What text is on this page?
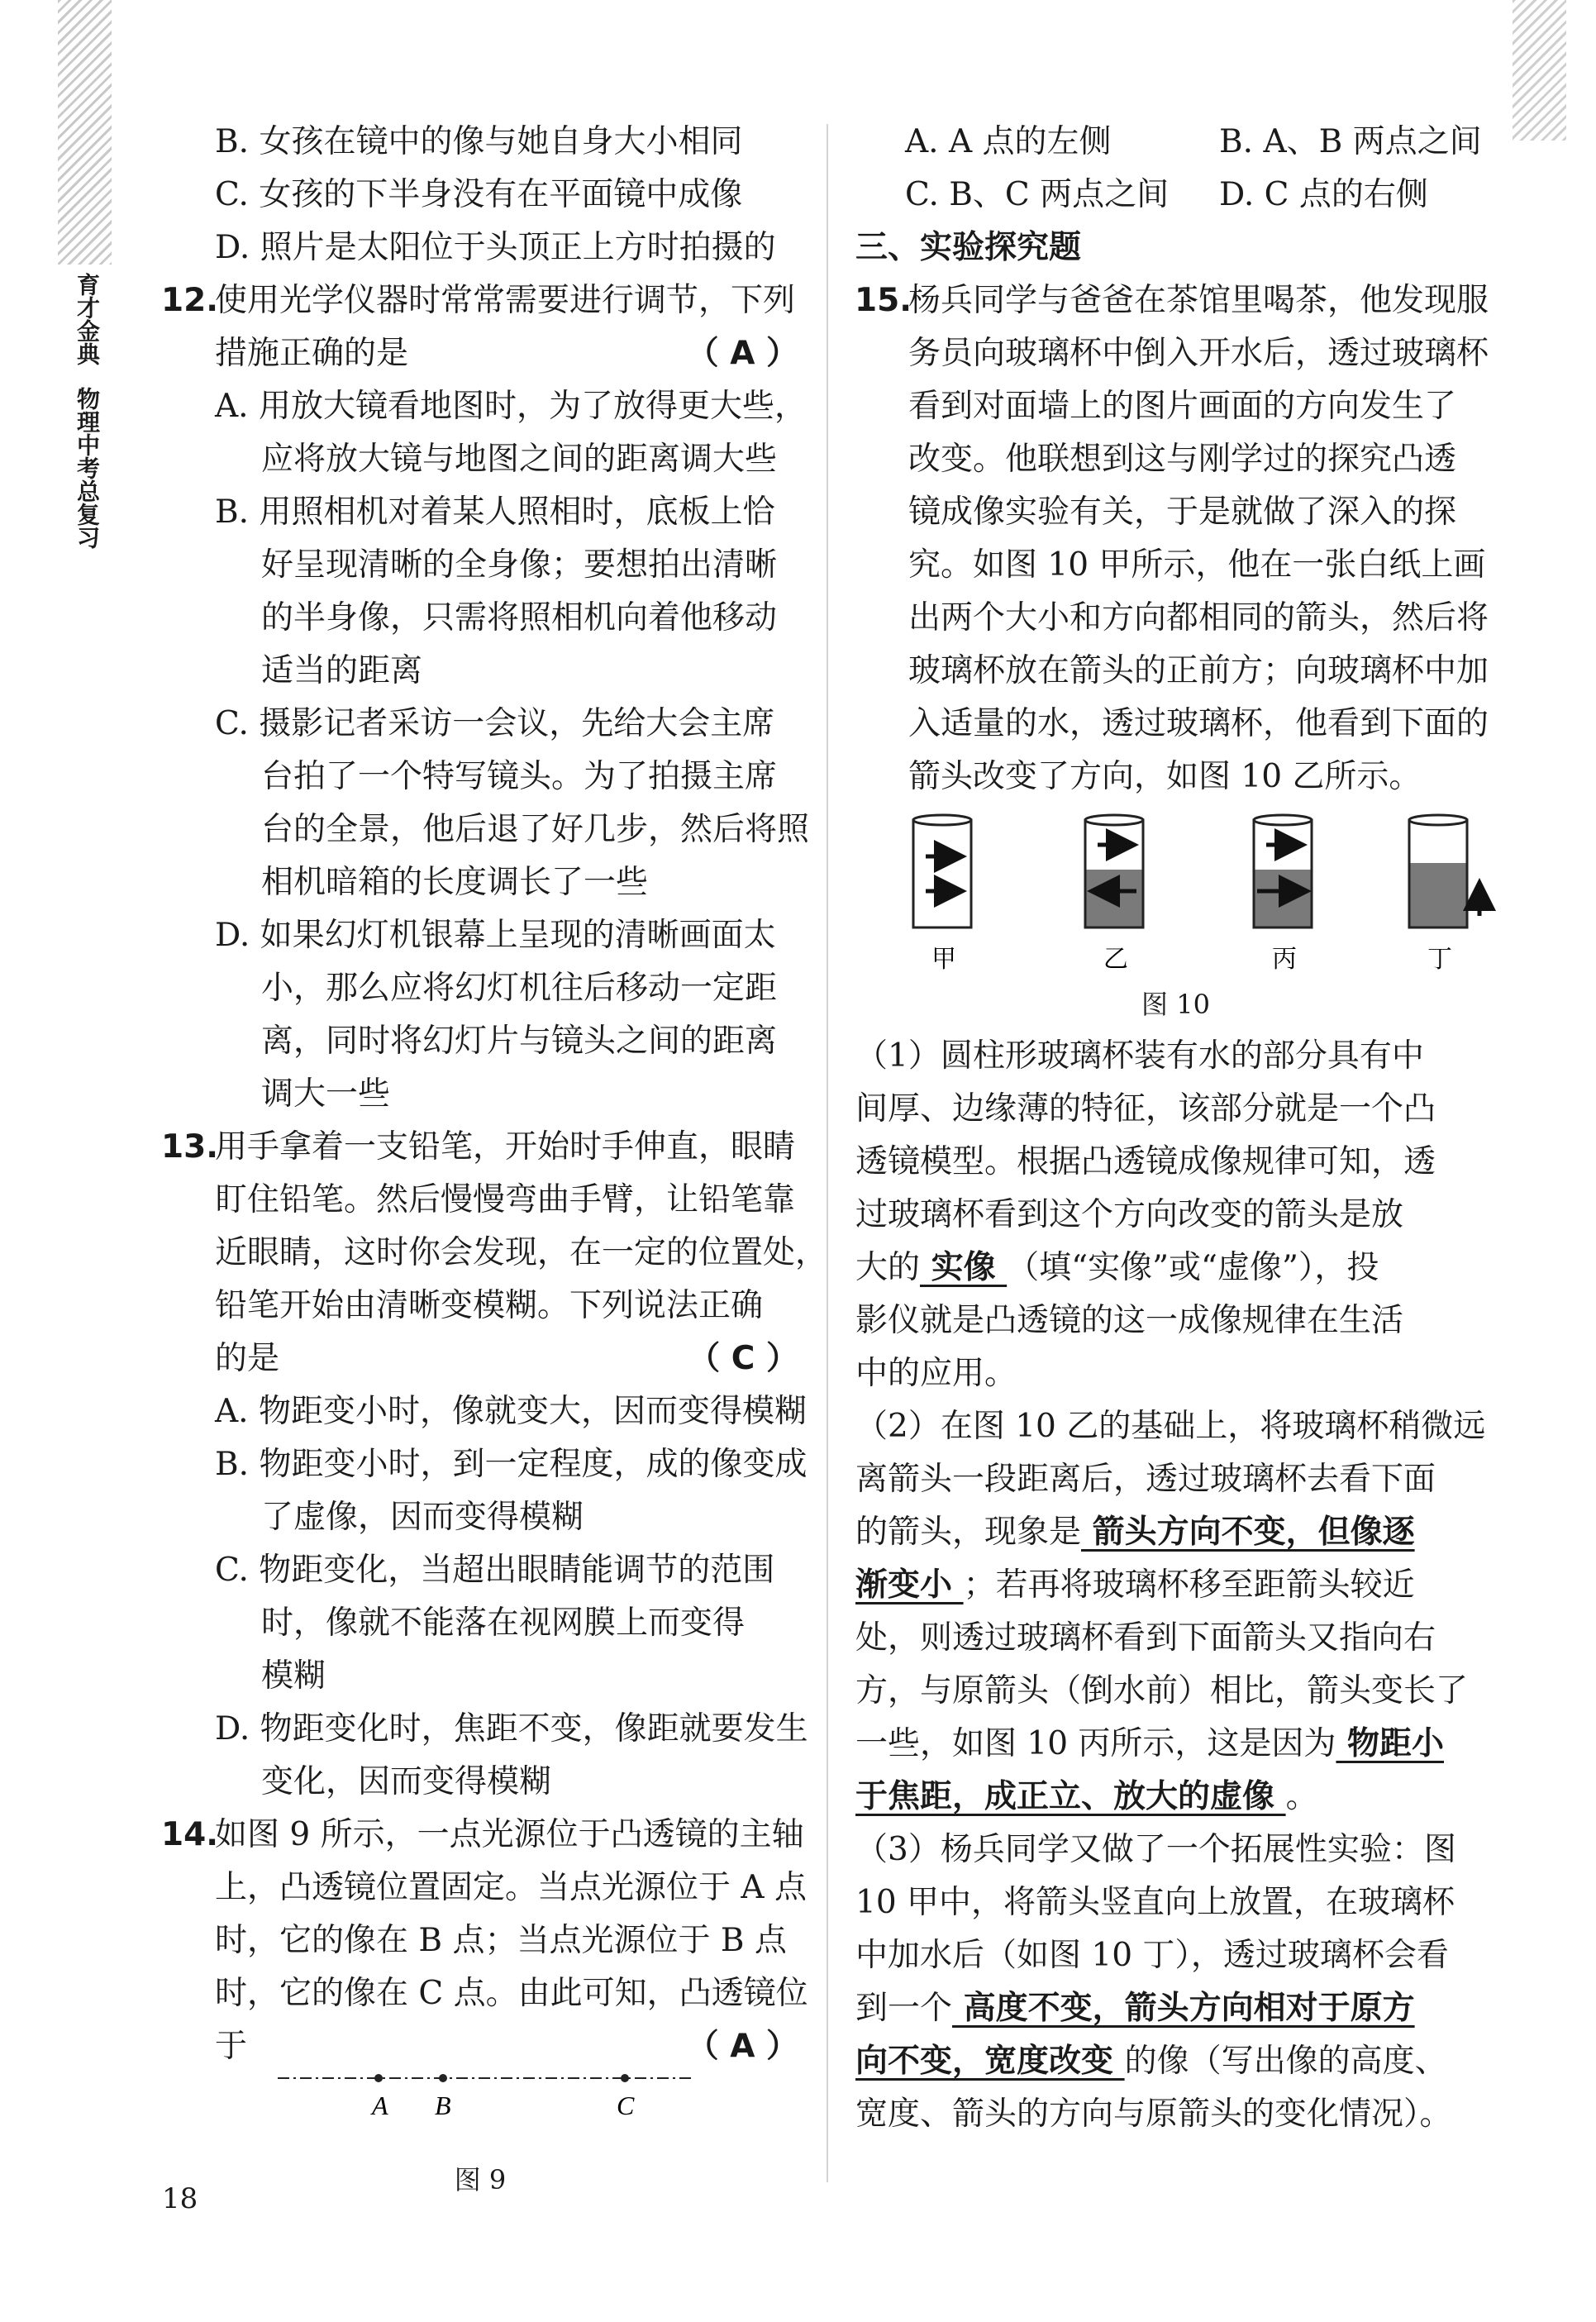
育才金典
物理中考总复习
B. 女孩在镜中的像与她自身大小相同
C. 女孩的下半身没有在平面镜中成像
D. 照片是太阳位于头顶正上方时拍摄的
12.
使用光学仪器时常常需要进行调节，下列
措施正确的是	（ A ）
A. 用放大镜看地图时，为了放得更大些，
应将放大镜与地图之间的距离调大些
B. 用照相机对着某人照相时，底板上恰
好呈现清晰的全身像；要想拍出清晰
的半身像，只需将照相机向着他移动
适当的距离
C. 摄影记者采访一会议，先给大会主席
台拍了一个特写镜头。为了拍摄主席
台的全景，他后退了好几步，然后将照
相机暗箱的长度调长了一些
D. 如果幻灯机银幕上呈现的清晰画面太
小，那么应将幻灯机往后移动一定距
离，同时将幻灯片与镜头之间的距离
调大一些
13.
用手拿着一支铅笔，开始时手伸直，眼睛
盯住铅笔。然后慢慢弯曲手臂，让铅笔靠
近眼睛，这时你会发现，在一定的位置处，
铅笔开始由清晰变模糊。下列说法正确
的是	（ C ）
A. 物距变小时，像就变大，因而变得模糊
B. 物距变小时，到一定程度，成的像变成
了虚像，因而变得模糊
C. 物距变化，当超出眼睛能调节的范围
时，像就不能落在视网膜上而变得
模糊
D. 物距变化时，焦距不变，像距就要发生
变化，因而变得模糊
14.
如图 9 所示，一点光源位于凸透镜的主轴
上，凸透镜位置固定。当点光源位于 A 点
时，它的像在 B 点；当点光源位于 B 点
时，它的像在 C 点。由此可知，凸透镜位
于	（ A ）
A B	C
图 9
A. A 点的左侧	B. A、B 两点之间

C. B、C 两点之间 D. C 点的右侧

三、实验探究题
15.
杨兵同学与爸爸在茶馆里喝茶，他发现服
务员向玻璃杯中倒入开水后，透过玻璃杯
看到对面墙上的图片画面的方向发生了
改变。他联想到这与刚学过的探究凸透
镜成像实验有关，于是就做了深入的探
究。如图 10 甲所示，他在一张白纸上画
出两个大小和方向都相同的箭头，然后将
玻璃杯放在箭头的正前方；向玻璃杯中加
入适量的水，透过玻璃杯，他看到下面的
箭头改变了方向，如图 10 乙所示。
甲	乙	丙	丁
图 10
（1）圆柱形玻璃杯装有水的部分具有中
间厚、边缘薄的特征，该部分就是一个凸
透镜模型。根据凸透镜成像规律可知，透
过玻璃杯看到这个方向改变的箭头是放
大的 实像 （填“实像”或“虚像”），投
影仪就是凸透镜的这一成像规律在生活
中的应用。
（2）在图 10 乙的基础上，将玻璃杯稍微远
离箭头一段距离后，透过玻璃杯去看下面
的箭头，现象是 箭头方向不变，但像逐
渐变小 ；若再将玻璃杯移至距箭头较近
处，则透过玻璃杯看到下面箭头又指向右
方，与原箭头（倒水前）相比，箭头变长了
一些，如图 10 丙所示，这是因为 物距小
于焦距，成正立、放大的虚像 。
（3）杨兵同学又做了一个拓展性实验：图
10 甲中，将箭头竖直向上放置，在玻璃杯
中加水后（如图 10 丁），透过玻璃杯会看
到一个 高度不变，箭头方向相对于原方
向不变，宽度改变 的像（写出像的高度、
宽度、箭头的方向与原箭头的变化情况）。
18
